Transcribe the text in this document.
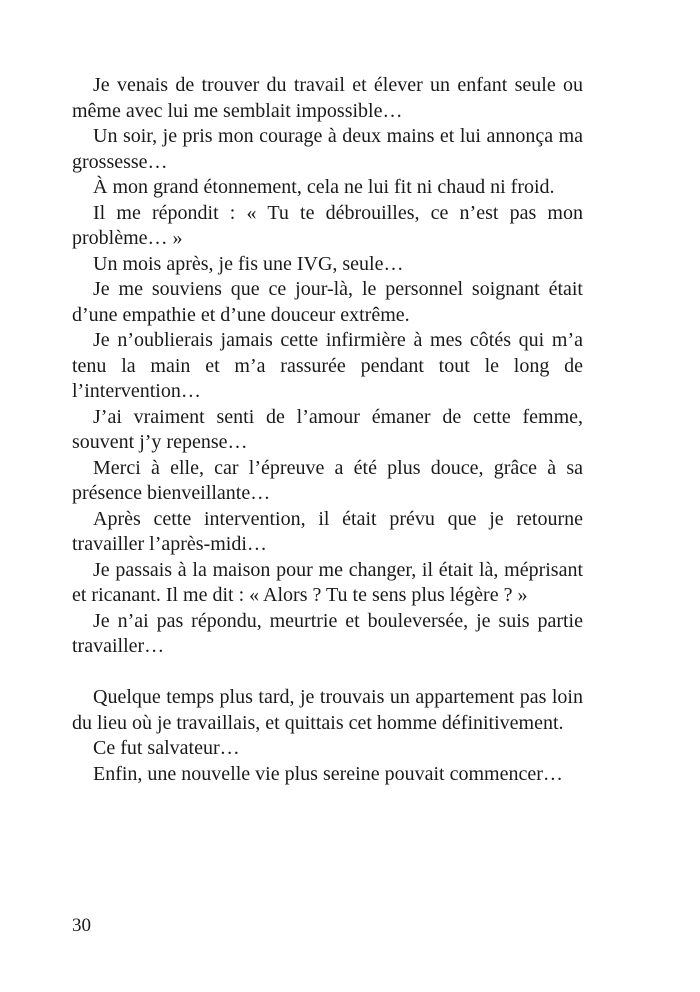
Je venais de trouver du travail et élever un enfant seule ou même avec lui me semblait impossible…

Un soir, je pris mon courage à deux mains et lui annonça ma grossesse…

À mon grand étonnement, cela ne lui fit ni chaud ni froid.

Il me répondit : « Tu te débrouilles, ce n’est pas mon problème… »

Un mois après, je fis une IVG, seule…

Je me souviens que ce jour-là, le personnel soignant était d’une empathie et d’une douceur extrême.

Je n’oublierais jamais cette infirmière à mes côtés qui m’a tenu la main et m’a rassurée pendant tout le long de l’intervention…

J’ai vraiment senti de l’amour émaner de cette femme, souvent j’y repense…

Merci à elle, car l’épreuve a été plus douce, grâce à sa présence bienveillante…

Après cette intervention, il était prévu que je retourne travailler l’après-midi…

Je passais à la maison pour me changer, il était là, méprisant et ricanant. Il me dit : « Alors ? Tu te sens plus légère ? »

Je n’ai pas répondu, meurtrie et bouleversée, je suis partie travailler…

Quelque temps plus tard, je trouvais un appartement pas loin du lieu où je travaillais, et quittais cet homme définitivement.

Ce fut salvateur…

Enfin, une nouvelle vie plus sereine pouvait commencer…

30
